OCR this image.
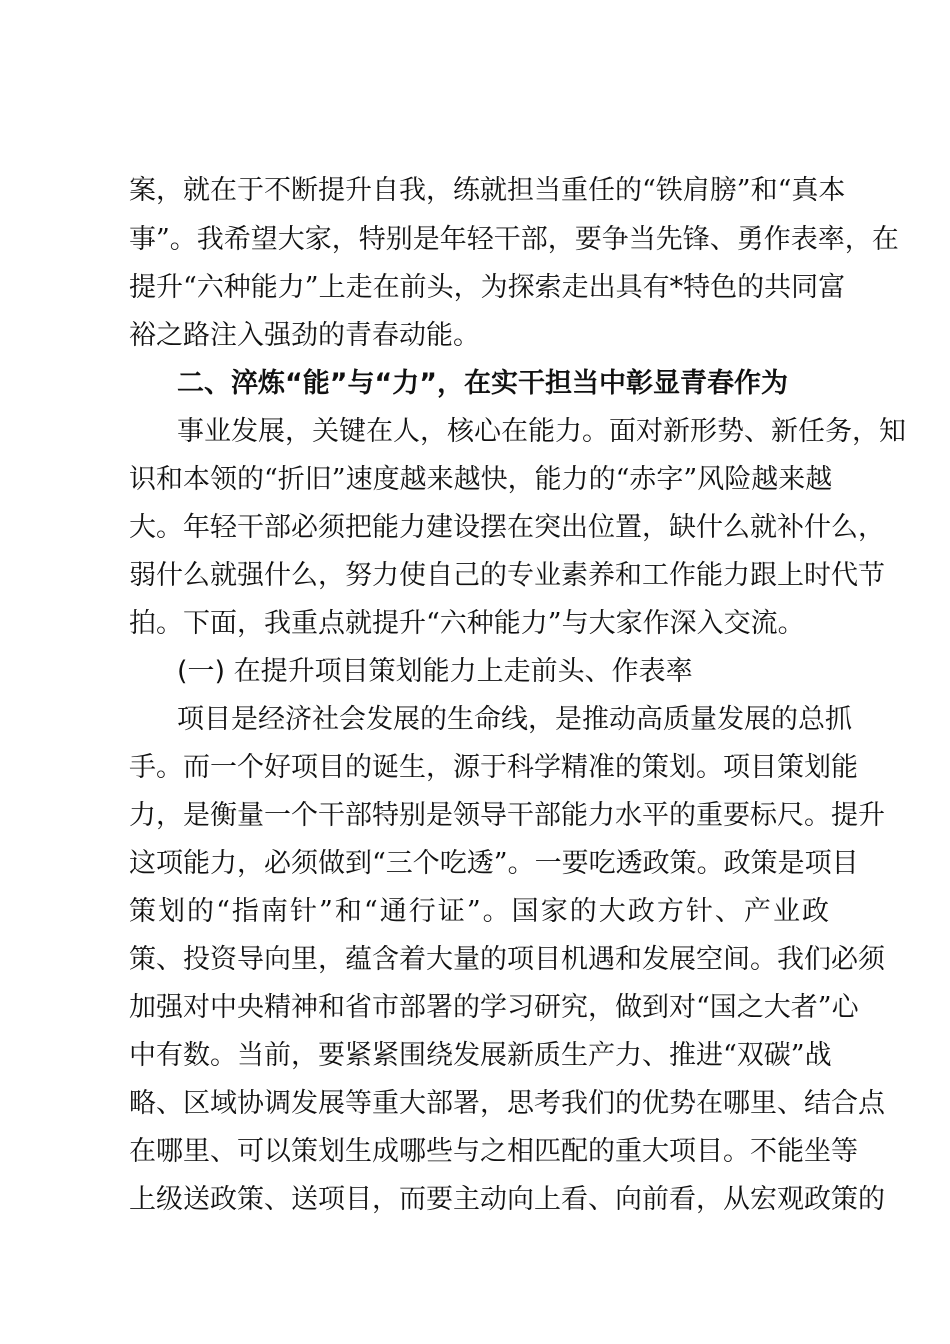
案，就在于不断提升自我，练就担当重任的“铁肩膀”和“真本
事”。我希望大家，特别是年轻干部，要争当先锋、勇作表率，在
提升“六种能力”上走在前头，为探索走出具有*特色的共同富
裕之路注入强劲的青春动能。
二、淬炼“能”与“力”，在实干担当中彰显青春作为
事业发展，关键在人，核心在能力。面对新形势、新任务，知
识和本领的“折旧”速度越来越快，能力的“赤字”风险越来越
大。年轻干部必须把能力建设摆在突出位置，缺什么就补什么，
弱什么就强什么，努力使自己的专业素养和工作能力跟上时代节
拍。下面，我重点就提升“六种能力”与大家作深入交流。
(一) 在提升项目策划能力上走前头、作表率
项目是经济社会发展的生命线，是推动高质量发展的总抓
手。而一个好项目的诞生，源于科学精准的策划。项目策划能
力，是衡量一个干部特别是领导干部能力水平的重要标尺。提升
这项能力，必须做到“三个吃透”。一要吃透政策。政策是项目
策划的“指南针”和“通行证”。国家的大政方针、产业政
策、投资导向里，蕴含着大量的项目机遇和发展空间。我们必须
加强对中央精神和省市部署的学习研究，做到对“国之大者”心
中有数。当前，要紧紧围绕发展新质生产力、推进“双碳”战
略、区域协调发展等重大部署，思考我们的优势在哪里、结合点
在哪里、可以策划生成哪些与之相匹配的重大项目。不能坐等
上级送政策、送项目，而要主动向上看、向前看，从宏观政策的
